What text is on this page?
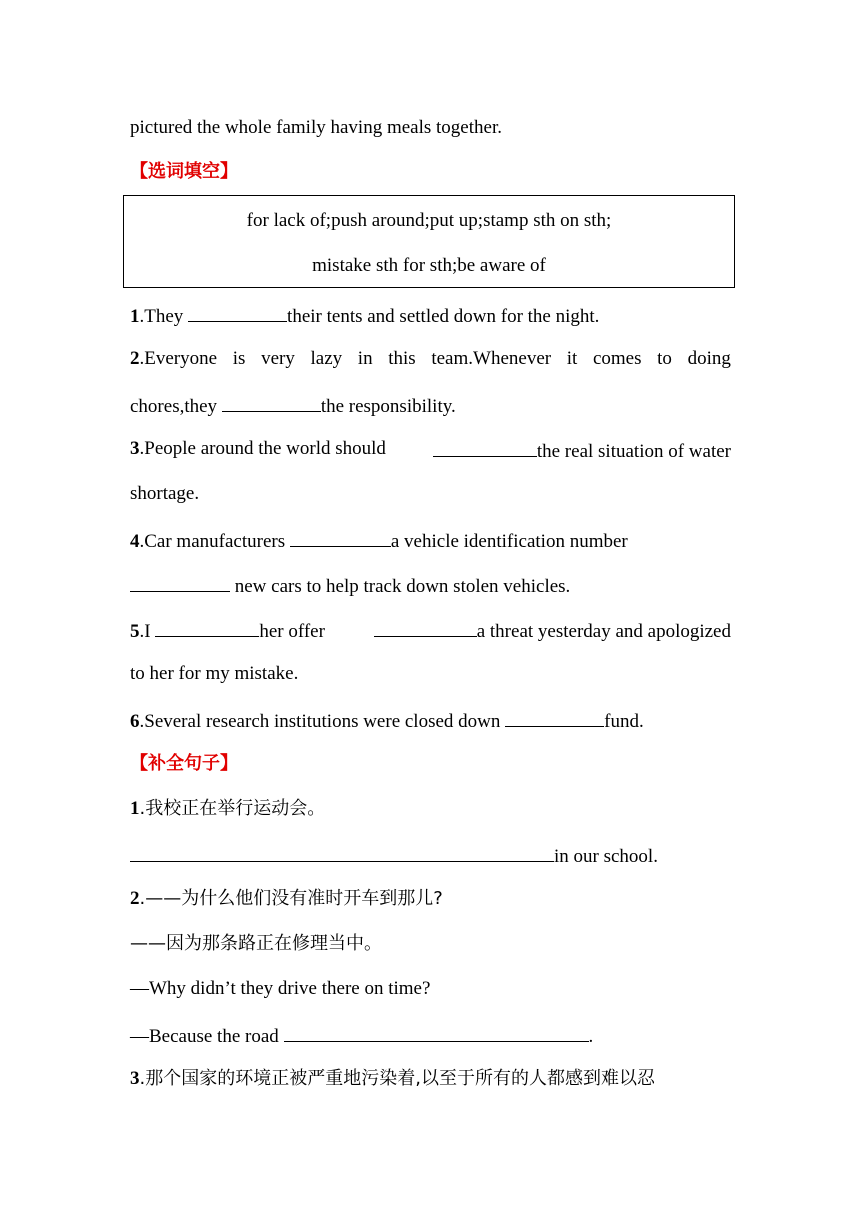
pictured the whole family having meals together.
【选词填空】
for lack of;push around;put up;stamp sth on sth;
mistake sth for sth;be aware of
1.They	their tents and settled down for the night.
2.Everyone is very lazy in this team.Whenever it comes to doing
chores,they	the responsibility.
3.People around the world should	the real situation of water
shortage.
4.Car manufacturers	a vehicle identification number
new cars to help track down stolen vehicles.
5.I	her offer	a threat yesterday and apologized
to her for my mistake.
6.Several research institutions were closed down	fund.
【补全句子】
1.我校正在举行运动会。
in our school.
2.——为什么他们没有准时开车到那儿?
——因为那条路正在修理当中。
—Why didn’t they drive there on time?
—Because the road	.
3.那个国家的环境正被严重地污染着,以至于所有的人都感到难以忍
